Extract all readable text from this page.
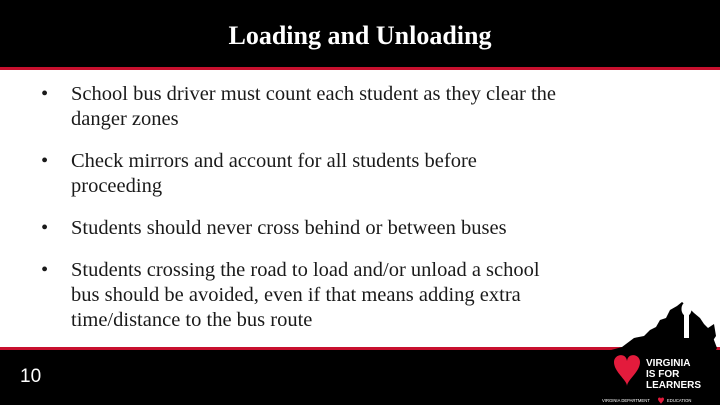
Loading and Unloading
• School bus driver must count each student as they clear the
danger zones
• Check mirrors and account for all students before
proceeding
• Students should never cross behind or between buses
• Students crossing the road to load and/or unload a school
bus should be avoided, even if that means adding extra
time/distance to the bus route
10
VIRGINIA
IS FOR
LEARNERS
VIRGINIA DEPARTMENT	EDUCATION
